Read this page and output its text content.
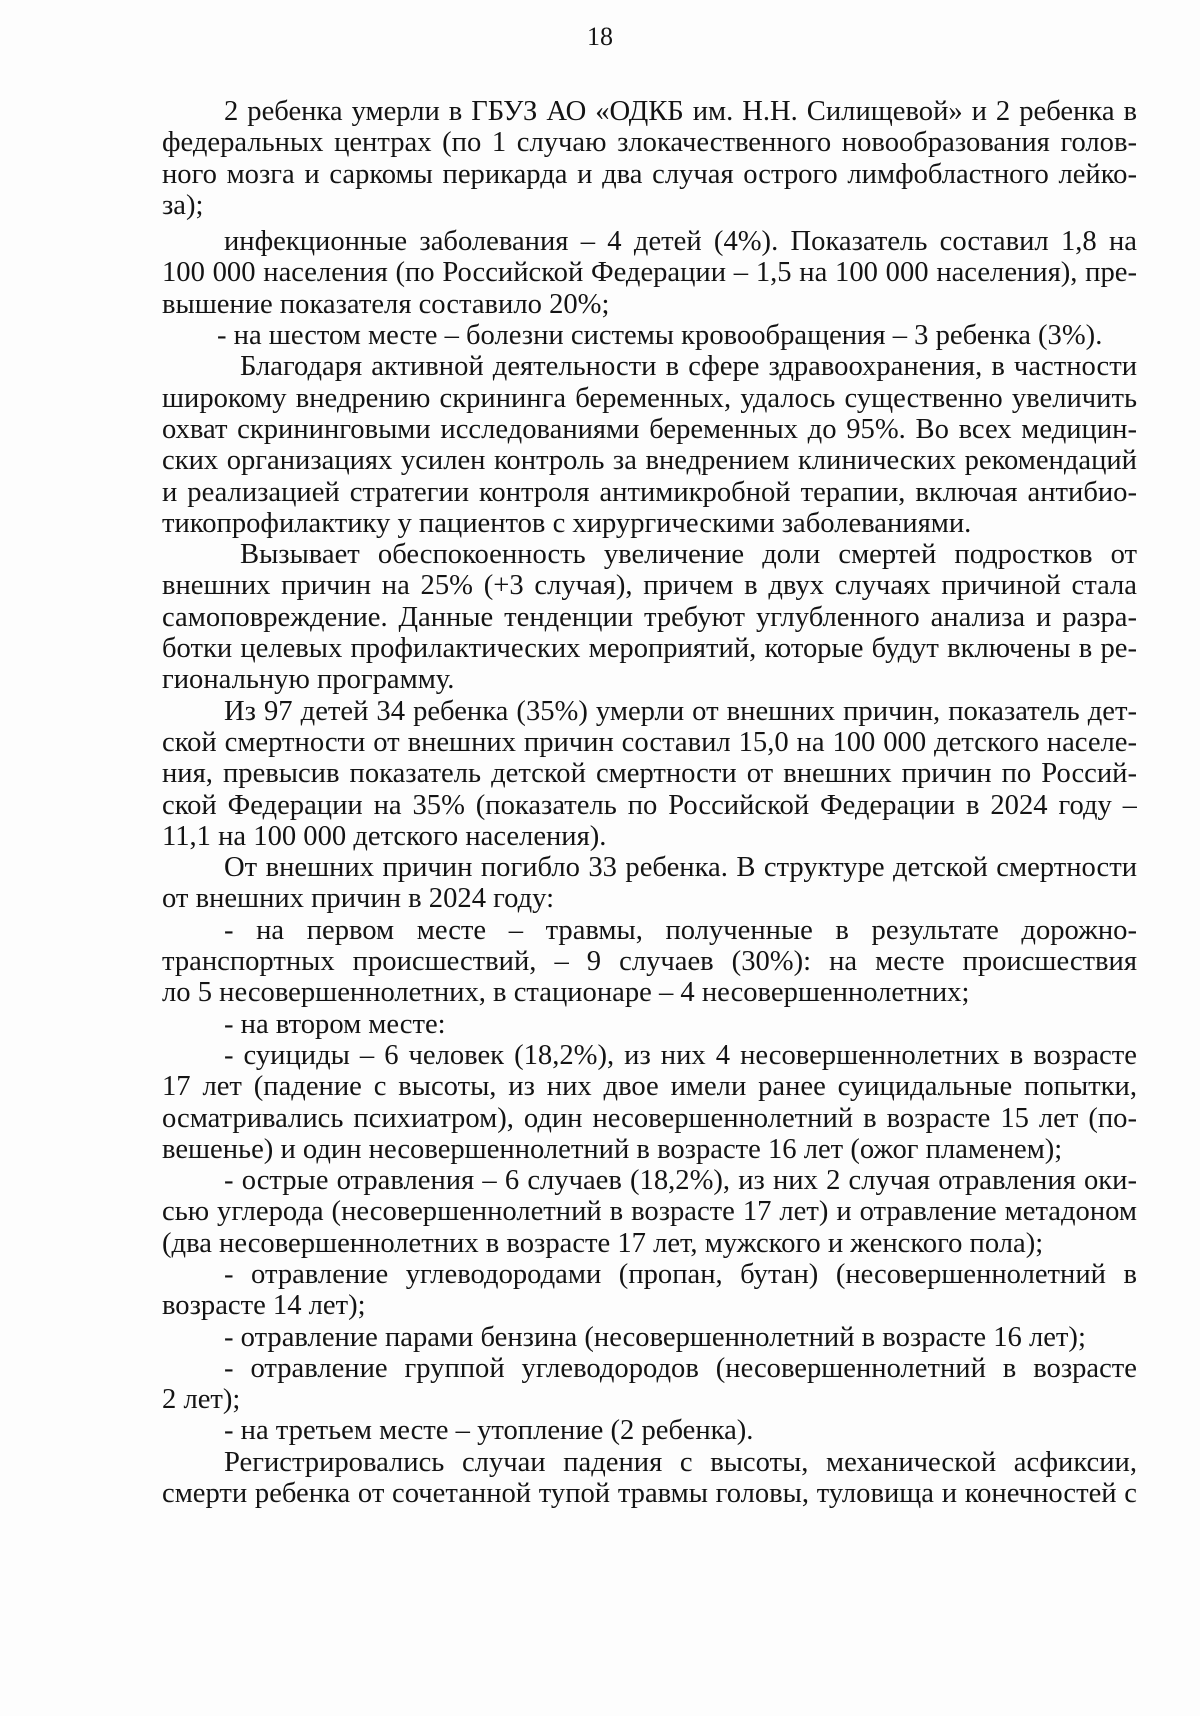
18
2 ребенка умерли в ГБУЗ АО «ОДКБ им. Н.Н. Силищевой» и 2 ребенка в
федеральных центрах (по 1 случаю злокачественного новообразования голов-
ного мозга и саркомы перикарда и два случая острого лимфобластного лейко-
за);
инфекционные заболевания – 4 детей (4%). Показатель составил 1,8 на
100 000 населения (по Российской Федерации – 1,5 на 100 000 населения), пре-
вышение показателя составило 20%;
- на шестом месте – болезни системы кровообращения – 3 ребенка (3%).
Благодаря активной деятельности в сфере здравоохранения, в частности
широкому внедрению скрининга беременных, удалось существенно увеличить
охват скрининговыми исследованиями беременных до 95%. Во всех медицин-
ских организациях усилен контроль за внедрением клинических рекомендаций
и реализацией стратегии контроля антимикробной терапии, включая антибио-
тикопрофилактику у пациентов с хирургическими заболеваниями.
Вызывает обеспокоенность увеличение доли смертей подростков от
внешних причин на 25% (+3 случая), причем в двух случаях причиной стала
самоповреждение. Данные тенденции требуют углубленного анализа и разра-
ботки целевых профилактических мероприятий, которые будут включены в ре-
гиональную программу.
Из 97 детей 34 ребенка (35%) умерли от внешних причин, показатель дет-
ской смертности от внешних причин составил 15,0 на 100 000 детского населе-
ния, превысив показатель детской смертности от внешних причин по Россий-
ской Федерации на 35% (показатель по Российской Федерации в 2024 году –
11,1 на 100 000 детского населения).
От внешних причин погибло 33 ребенка. В структуре детской смертности
от внешних причин в 2024 году:
- на первом месте – травмы, полученные в результате дорожно-
транспортных происшествий, – 9 случаев (30%): на месте происшествия
ло 5 несовершеннолетних, в стационаре – 4 несовершеннолетних;
- на втором месте:
- суициды – 6 человек (18,2%), из них 4 несовершеннолетних в возрасте
17 лет (падение с высоты, из них двое имели ранее суицидальные попытки,
осматривались психиатром), один несовершеннолетний в возрасте 15 лет (по-
вешенье) и один несовершеннолетний в возрасте 16 лет (ожог пламенем);
- острые отравления – 6 случаев (18,2%), из них 2 случая отравления оки-
сью углерода (несовершеннолетний в возрасте 17 лет) и отравление метадоном
(два несовершеннолетних в возрасте 17 лет, мужского и женского пола);
- отравление углеводородами (пропан, бутан) (несовершеннолетний в
возрасте 14 лет);
- отравление парами бензина (несовершеннолетний в возрасте 16 лет);
- отравление группой углеводородов (несовершеннолетний в возрасте
2 лет);
- на третьем месте – утопление (2 ребенка).
Регистрировались случаи падения с высоты, механической асфиксии,
смерти ребенка от сочетанной тупой травмы головы, туловища и конечностей с
